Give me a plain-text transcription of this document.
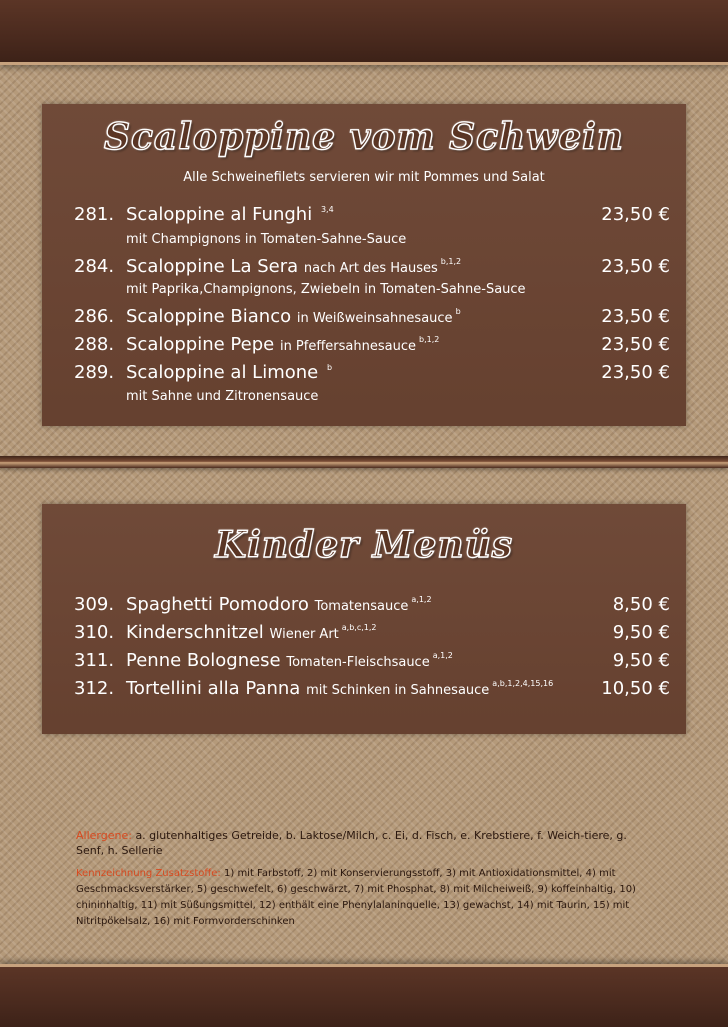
Scaloppine vom Schwein
Alle Schweinefilets servieren wir mit Pommes und Salat
281. Scaloppine al Funghi $^{3,4}$	23,50 €
mit Champignons in Tomaten-Sahne-Sauce
284. Scaloppine La Sera nach Art des Hauses $^{b,1,2}$	23,50 €
mit Paprika,Champignons, Zwiebeln in Tomaten-Sahne-Sauce
286. Scaloppine Bianco in Weißweinsahnesauce $^b$	23,50 €
288. Scaloppine Pepe in Pfeffersahnesauce $^{b,1,2}$	23,50 €
289. Scaloppine al Limone $^b$	23,50 €
mit Sahne und Zitronensauce
Kinder Menüs
309. Spaghetti Pomodoro Tomatensauce $^{a,1,2}$	8,50 €
310. Kinderschnitzel Wiener Art $^{a,b,c,1,2}$	9,50 €
311. Penne Bolognese Tomaten-Fleischsauce $^{a,1,2}$	9,50 €
312. Tortellini alla Panna mit Schinken in Sahnesauce $^{a,b,1,2,4,15,16}$	10,50 €
Allergene: a. glutenhaltiges Getreide, b. Laktose/Milch, c. Ei, d. Fisch, e. Krebstiere, f. Weich-tiere, g. Senf, h. Sellerie
Kennzeichnung Zusatzstoffe: 1) mit Farbstoff, 2) mit Konservierungsstoff, 3) mit Antioxidationsmittel, 4) mit Geschmacksverstärker, 5) geschwefelt, 6) geschwärzt, 7) mit Phosphat, 8) mit Milcheiweiß, 9) koffeinhaltig, 10) chininhaltig, 11) mit Süßungsmittel, 12) enthält eine Phenylalaninquelle, 13) gewachst, 14) mit Taurin, 15) mit Nitritpökelsalz, 16) mit Formvorderschinken
